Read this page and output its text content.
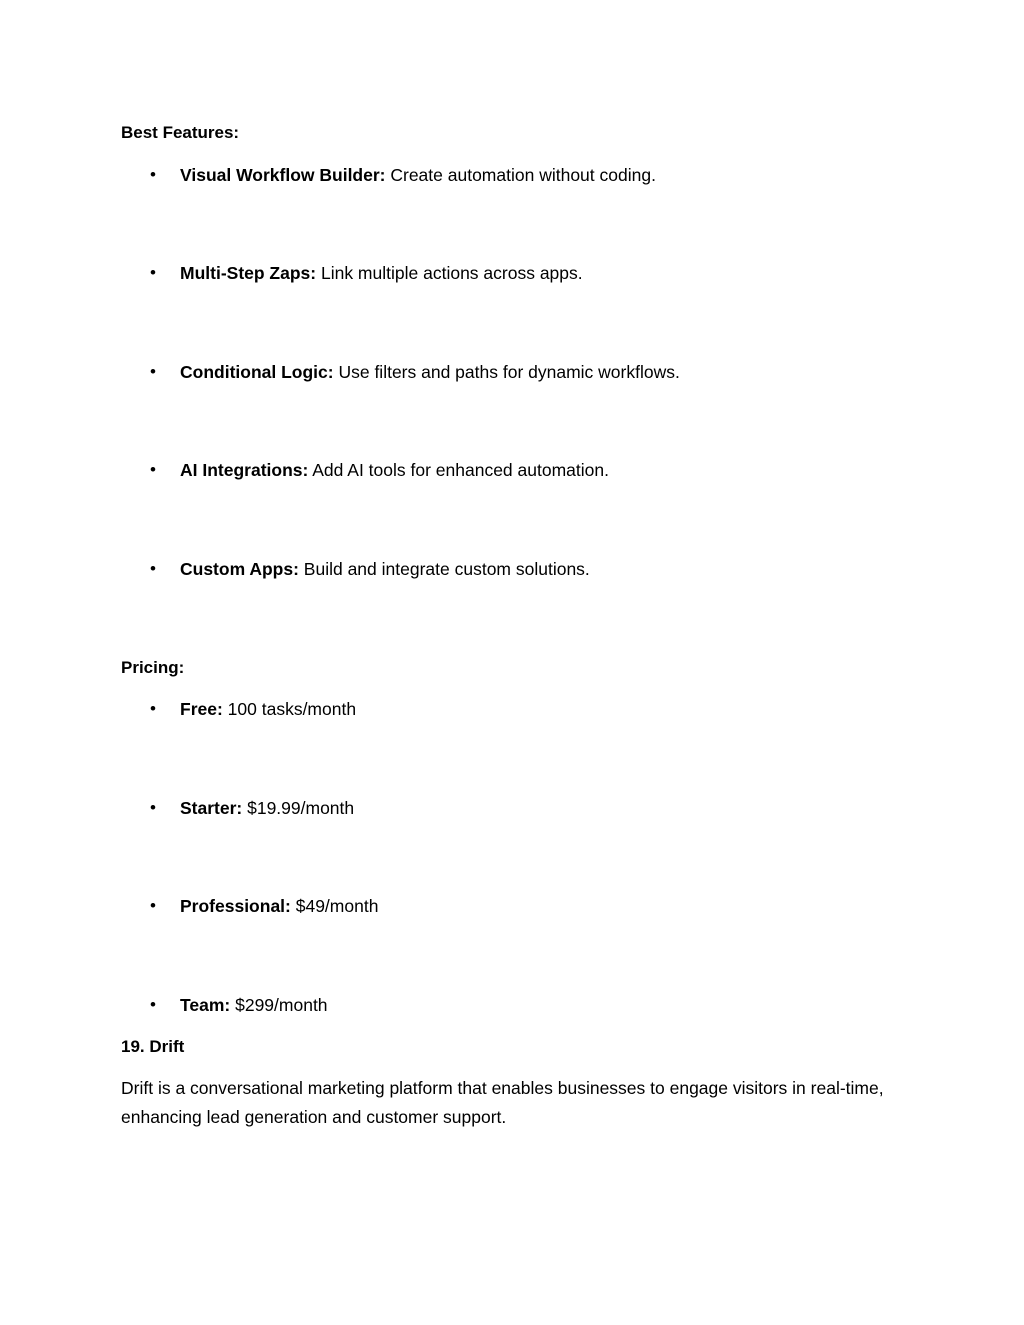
Best Features:

•	Visual Workflow Builder: Create automation without coding.
•	Multi-Step Zaps: Link multiple actions across apps.
•	Conditional Logic: Use filters and paths for dynamic workflows.
•	AI Integrations: Add AI tools for enhanced automation.
•	Custom Apps: Build and integrate custom solutions.

Pricing:

•	Free: 100 tasks/month
•	Starter: $19.99/month
•	Professional: $49/month
•	Team: $299/month

19. Drift

Drift is a conversational marketing platform that enables businesses to engage visitors in real-time, enhancing lead generation and customer support.
